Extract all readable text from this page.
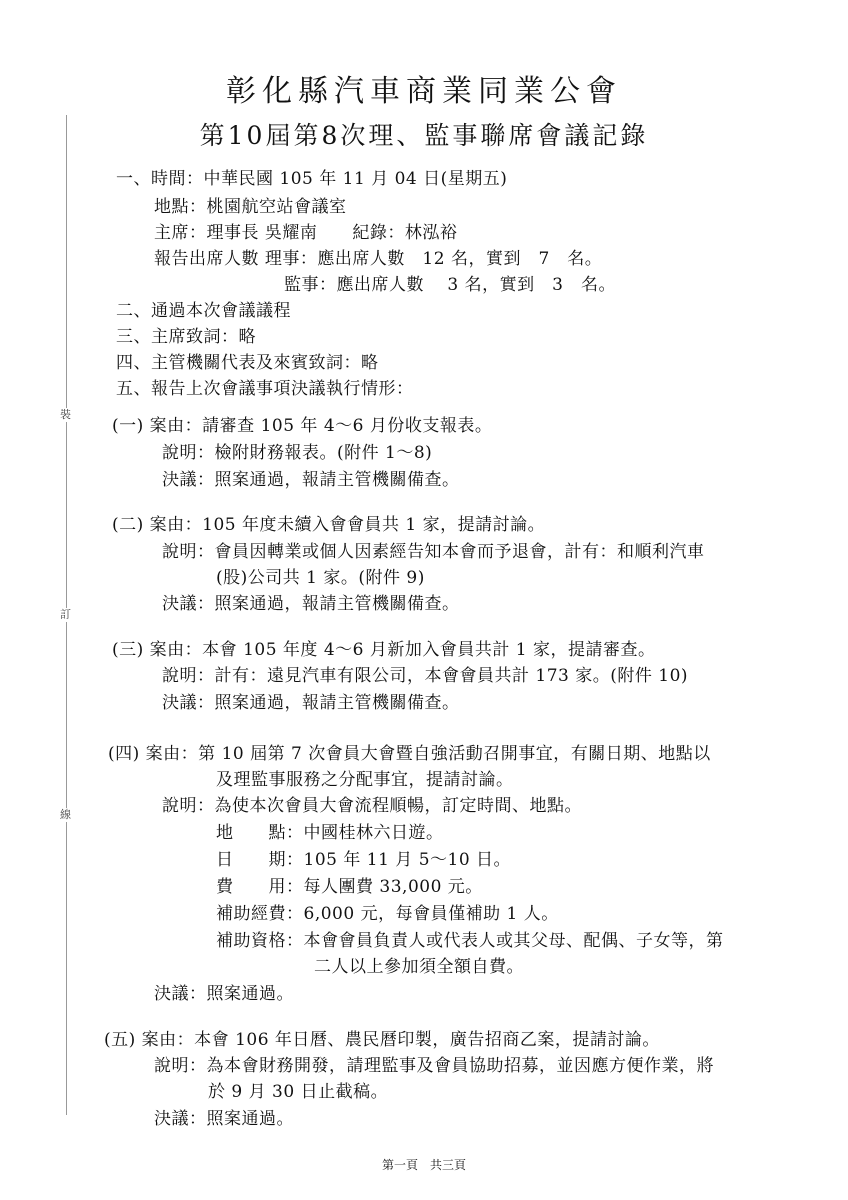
裝
訂
線
彰化縣汽車商業同業公會
第10屆第8次理、監事聯席會議記錄
一、時間：中華民國 105 年 11 月 04 日(星期五)
地點：桃園航空站會議室
主席：理事長 吳耀南　　紀錄：林泓裕
報告出席人數 理事：應出席人數　12 名，實到　7　名。
監事：應出席人數　 3 名，實到　3　名。
二、通過本次會議議程
三、主席致詞：略
四、主管機關代表及來賓致詞：略
五、報告上次會議事項決議執行情形：
(一) 案由：請審查 105 年 4～6 月份收支報表。
說明：檢附財務報表。(附件 1～8)
決議：照案通過，報請主管機關備查。
(二) 案由：105 年度未續入會會員共 1 家，提請討論。
說明：會員因轉業或個人因素經告知本會而予退會，計有：和順利汽車
(股)公司共 1 家。(附件 9)
決議：照案通過，報請主管機關備查。
(三) 案由：本會 105 年度 4～6 月新加入會員共計 1 家，提請審查。
說明：計有：遠見汽車有限公司，本會會員共計 173 家。(附件 10)
決議：照案通過，報請主管機關備查。
(四) 案由：第 10 屆第 7 次會員大會暨自強活動召開事宜，有關日期、地點以
及理監事服務之分配事宜，提請討論。
說明：為使本次會員大會流程順暢，訂定時間、地點。
地　　點：中國桂林六日遊。
日　　期：105 年 11 月 5～10 日。
費　　用：每人團費 33,000 元。
補助經費：6,000 元，每會員僅補助 1 人。
補助資格：本會會員負責人或代表人或其父母、配偶、子女等，第
二人以上參加須全額自費。
決議：照案通過。
(五) 案由：本會 106 年日曆、農民曆印製，廣告招商乙案，提請討論。
說明：為本會財務開發，請理監事及會員協助招募，並因應方便作業，將
於 9 月 30 日止截稿。
決議：照案通過。
第一頁　共三頁
